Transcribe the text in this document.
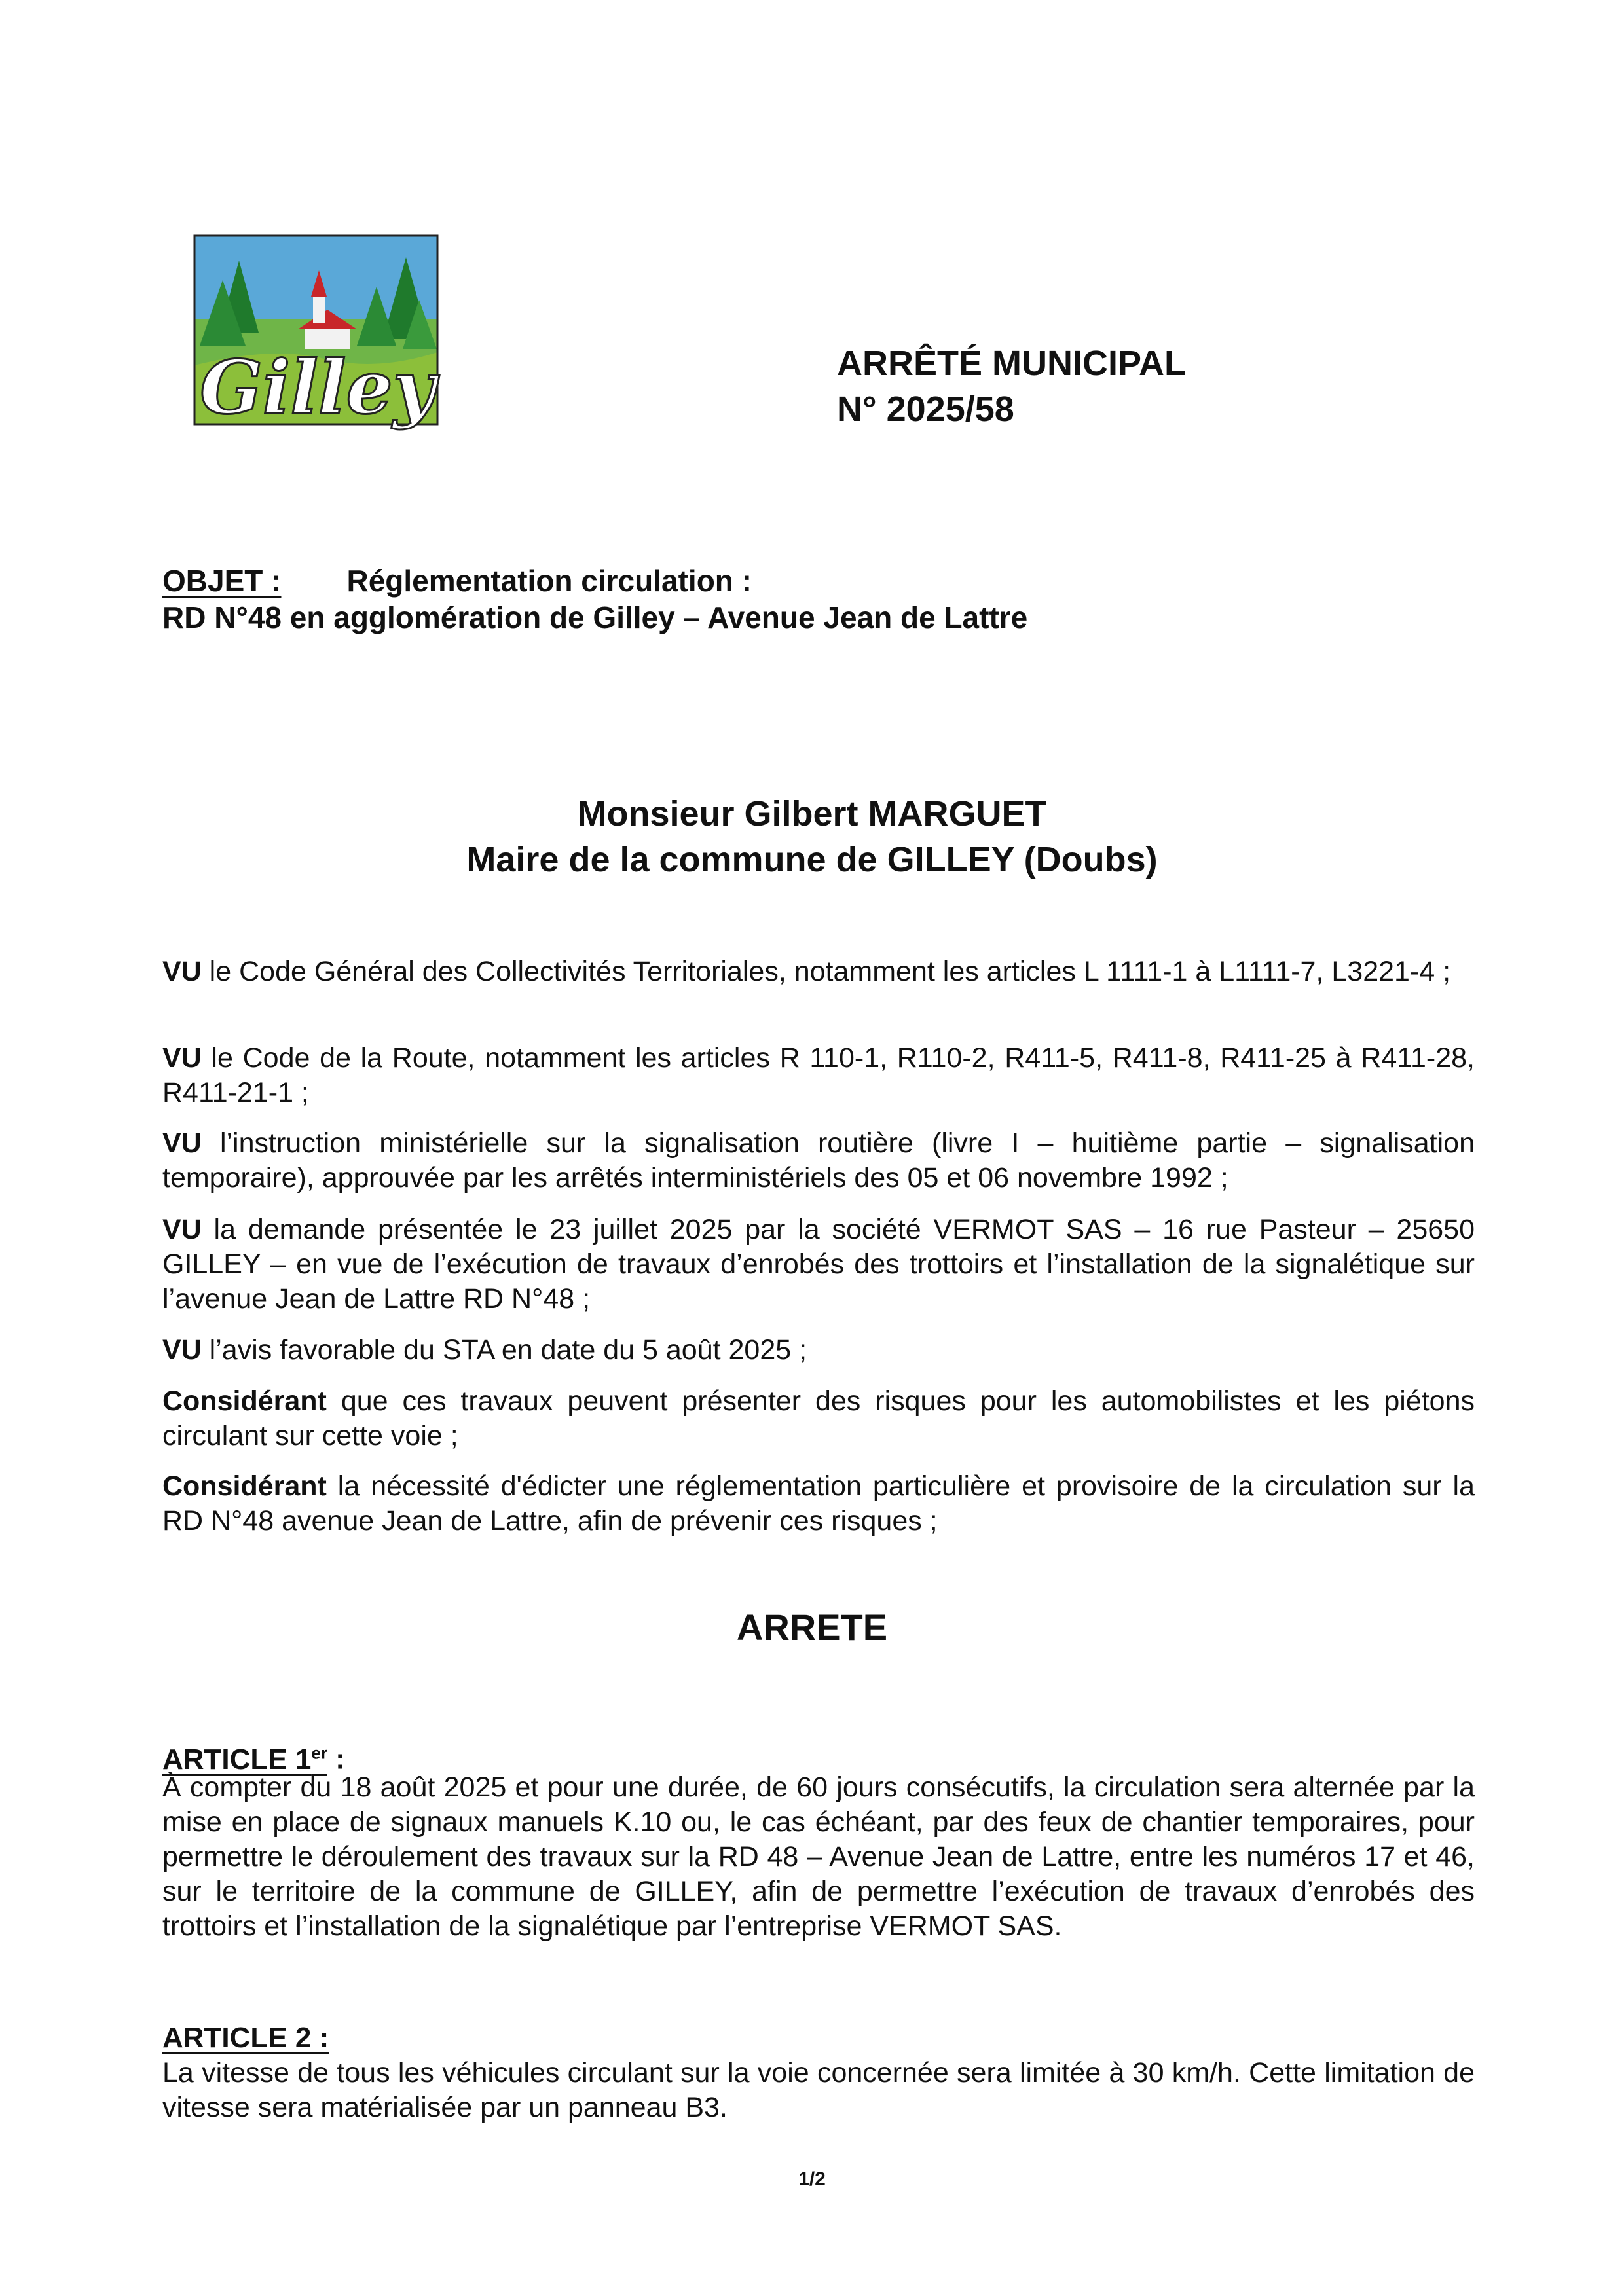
Gilley	ARRÊTÉ MUNICIPAL
N° 2025/58
OBJET : Réglementation circulation :
RD N°48 en agglomération de Gilley – Avenue Jean de Lattre
Monsieur Gilbert MARGUET
Maire de la commune de GILLEY (Doubs)
VU le Code Général des Collectivités Territoriales, notamment les articles L 1111-1 à L1111-7, L3221-4 ;
VU le Code de la Route, notamment les articles R 110-1, R110-2, R411-5, R411-8, R411-25 à R411-28, R411-21-1 ;
VU l’instruction ministérielle sur la signalisation routière (livre I – huitième partie – signalisation temporaire), approuvée par les arrêtés interministériels des 05 et 06 novembre 1992 ;
VU la demande présentée le 23 juillet 2025 par la société VERMOT SAS – 16 rue Pasteur – 25650 GILLEY – en vue de l’exécution de travaux d’enrobés des trottoirs et l’installation de la signalétique sur l’avenue Jean de Lattre RD N°48 ;
VU l’avis favorable du STA en date du 5 août 2025 ;
Considérant que ces travaux peuvent présenter des risques pour les automobilistes et les piétons circulant sur cette voie ;
Considérant la nécessité d'édicter une réglementation particulière et provisoire de la circulation sur la RD N°48 avenue Jean de Lattre, afin de prévenir ces risques ;
ARRETE
ARTICLE 1er :
À compter du 18 août 2025 et pour une durée, de 60 jours consécutifs, la circulation sera alternée par la mise en place de signaux manuels K.10 ou, le cas échéant, par des feux de chantier temporaires, pour permettre le déroulement des travaux sur la RD 48 – Avenue Jean de Lattre, entre les numéros 17 et 46, sur le territoire de la commune de GILLEY, afin de permettre l’exécution de travaux d’enrobés des trottoirs et l’installation de la signalétique par l’entreprise VERMOT SAS.
ARTICLE 2 :
La vitesse de tous les véhicules circulant sur la voie concernée sera limitée à 30 km/h. Cette limitation de vitesse sera matérialisée par un panneau B3.
1/2
